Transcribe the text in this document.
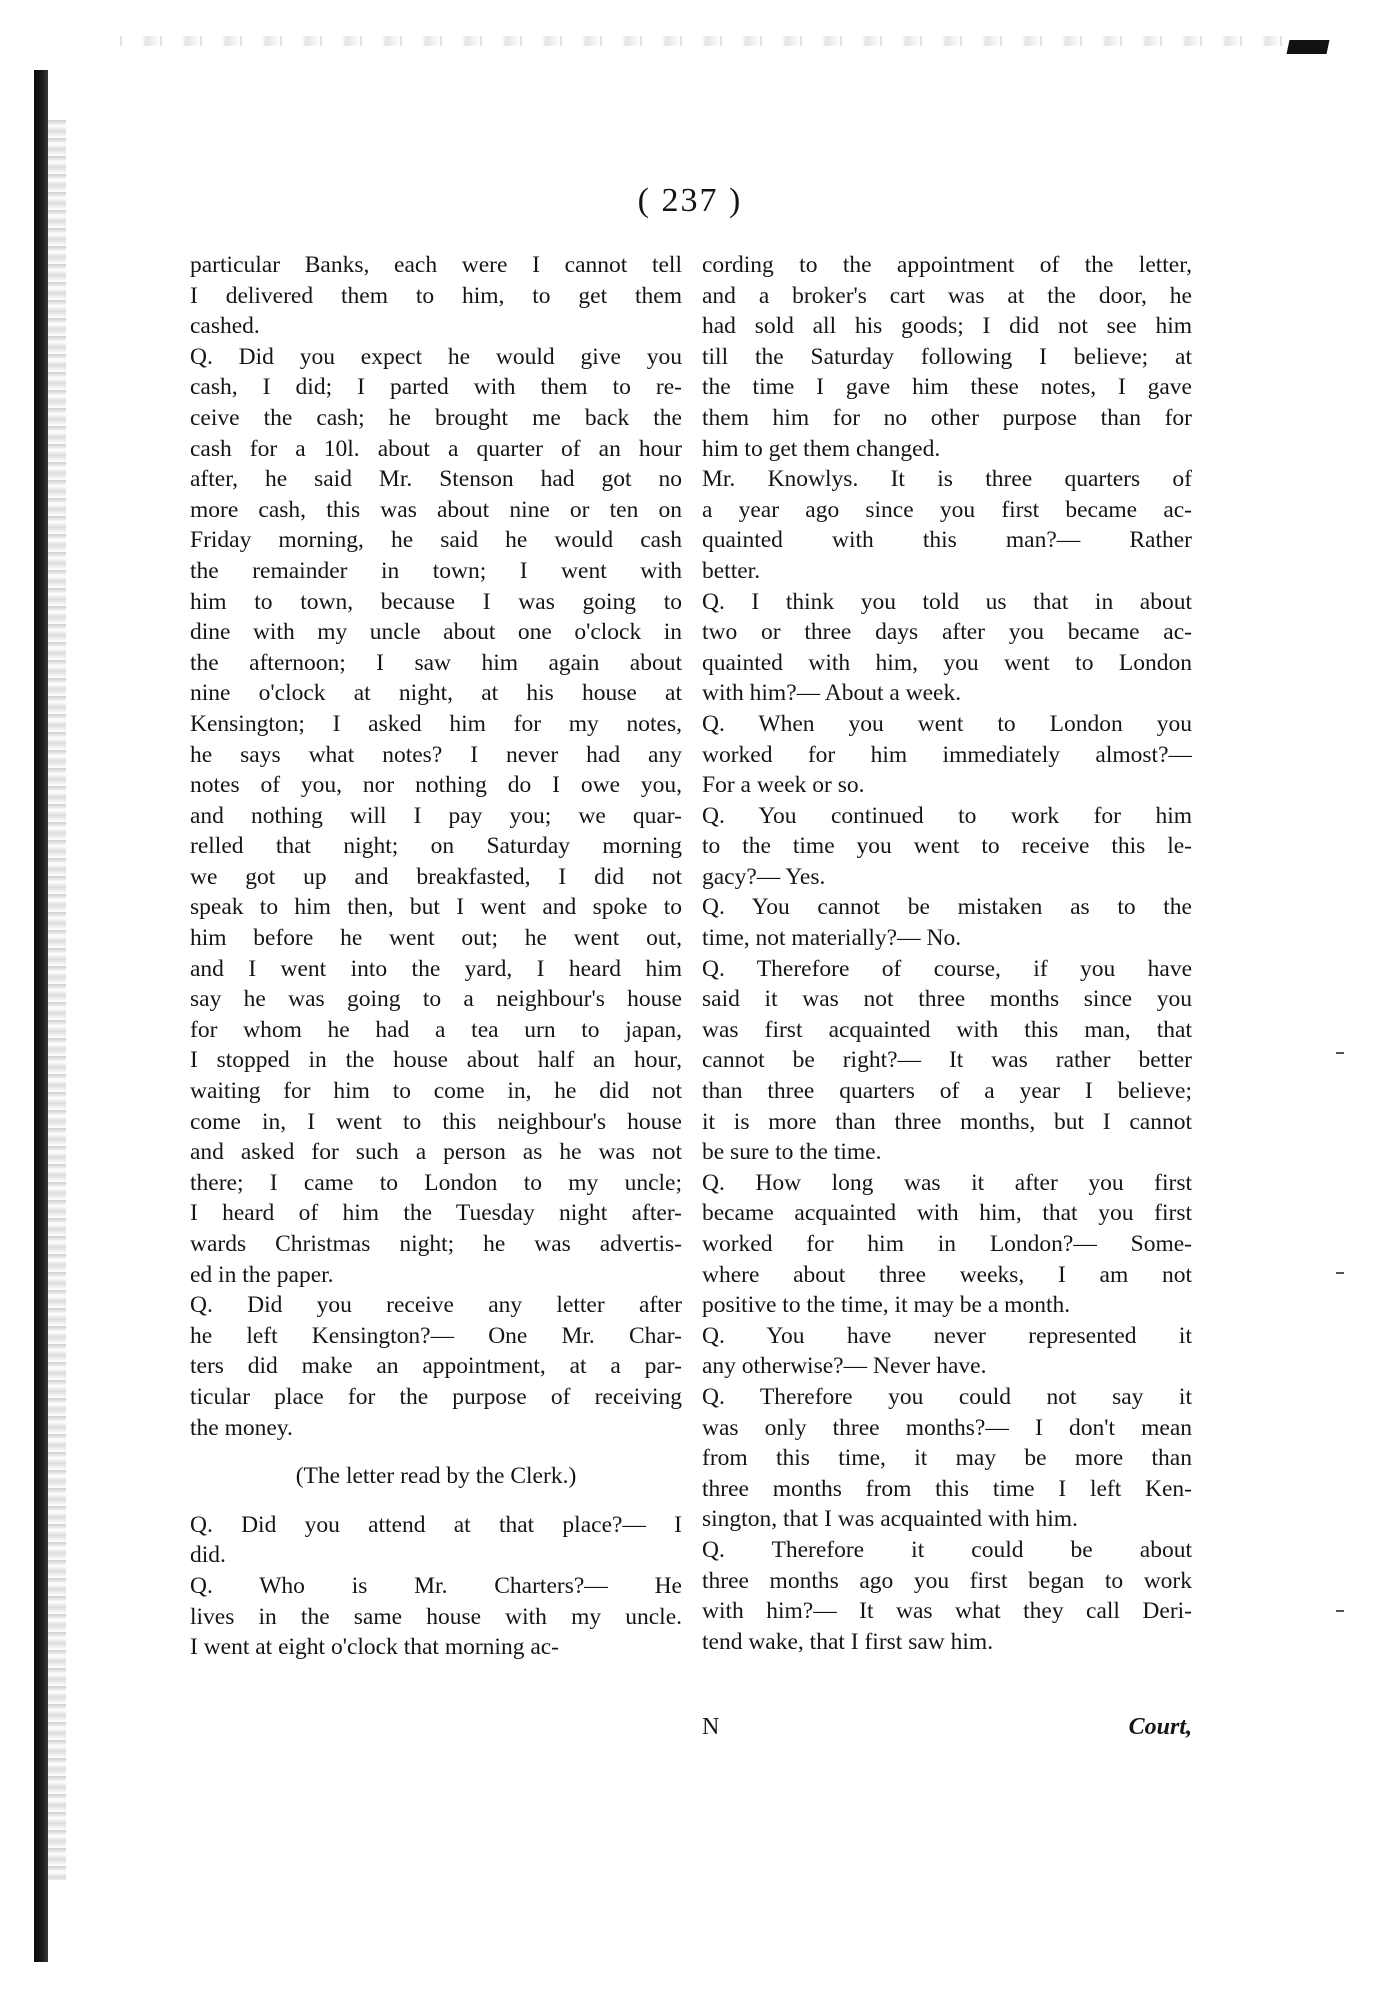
( 237 )
particular Banks, each were I cannot tell
I delivered them to him, to get them
cashed.
Q. Did you expect he would give you
cash, I did; I parted with them to re-
ceive the cash; he brought me back the
cash for a 10l. about a quarter of an hour
after, he said Mr. Stenson had got no
more cash, this was about nine or ten on
Friday morning, he said he would cash
the remainder in town; I went with
him to town, because I was going to
dine with my uncle about one o'clock in
the afternoon; I saw him again about
nine o'clock at night, at his house at
Kensington; I asked him for my notes,
he says what notes? I never had any
notes of you, nor nothing do I owe you,
and nothing will I pay you; we quar-
relled that night; on Saturday morning
we got up and breakfasted, I did not
speak to him then, but I went and spoke to
him before he went out; he went out,
and I went into the yard, I heard him
say he was going to a neighbour's house
for whom he had a tea urn to japan,
I stopped in the house about half an hour,
waiting for him to come in, he did not
come in, I went to this neighbour's house
and asked for such a person as he was not
there; I came to London to my uncle;
I heard of him the Tuesday night after-
wards Christmas night; he was advertis-
ed in the paper.
Q. Did you receive any letter after
he left Kensington?— One Mr. Char-
ters did make an appointment, at a par-
ticular place for the purpose of receiving
the money.
(The letter read by the Clerk.)
Q. Did you attend at that place?— I
did.
Q. Who is Mr. Charters?— He
lives in the same house with my uncle.
I went at eight o'clock that morning ac-
cording to the appointment of the letter,
and a broker's cart was at the door, he
had sold all his goods; I did not see him
till the Saturday following I believe; at
the time I gave him these notes, I gave
them him for no other purpose than for
him to get them changed.
Mr. Knowlys. It is three quarters of
a year ago since you first became ac-
quainted with this man?— Rather
better.
Q. I think you told us that in about
two or three days after you became ac-
quainted with him, you went to London
with him?— About a week.
Q. When you went to London you
worked for him immediately almost?—
For a week or so.
Q. You continued to work for him
to the time you went to receive this le-
gacy?— Yes.
Q. You cannot be mistaken as to the
time, not materially?— No.
Q. Therefore of course, if you have
said it was not three months since you
was first acquainted with this man, that
cannot be right?— It was rather better
than three quarters of a year I believe;
it is more than three months, but I cannot
be sure to the time.
Q. How long was it after you first
became acquainted with him, that you first
worked for him in London?— Some-
where about three weeks, I am not
positive to the time, it may be a month.
Q. You have never represented it
any otherwise?— Never have.
Q. Therefore you could not say it
was only three months?— I don't mean
from this time, it may be more than
three months from this time I left Ken-
sington, that I was acquainted with him.
Q. Therefore it could be about
three months ago you first began to work
with him?— It was what they call Deri-
tend wake, that I first saw him.
N	Court,
